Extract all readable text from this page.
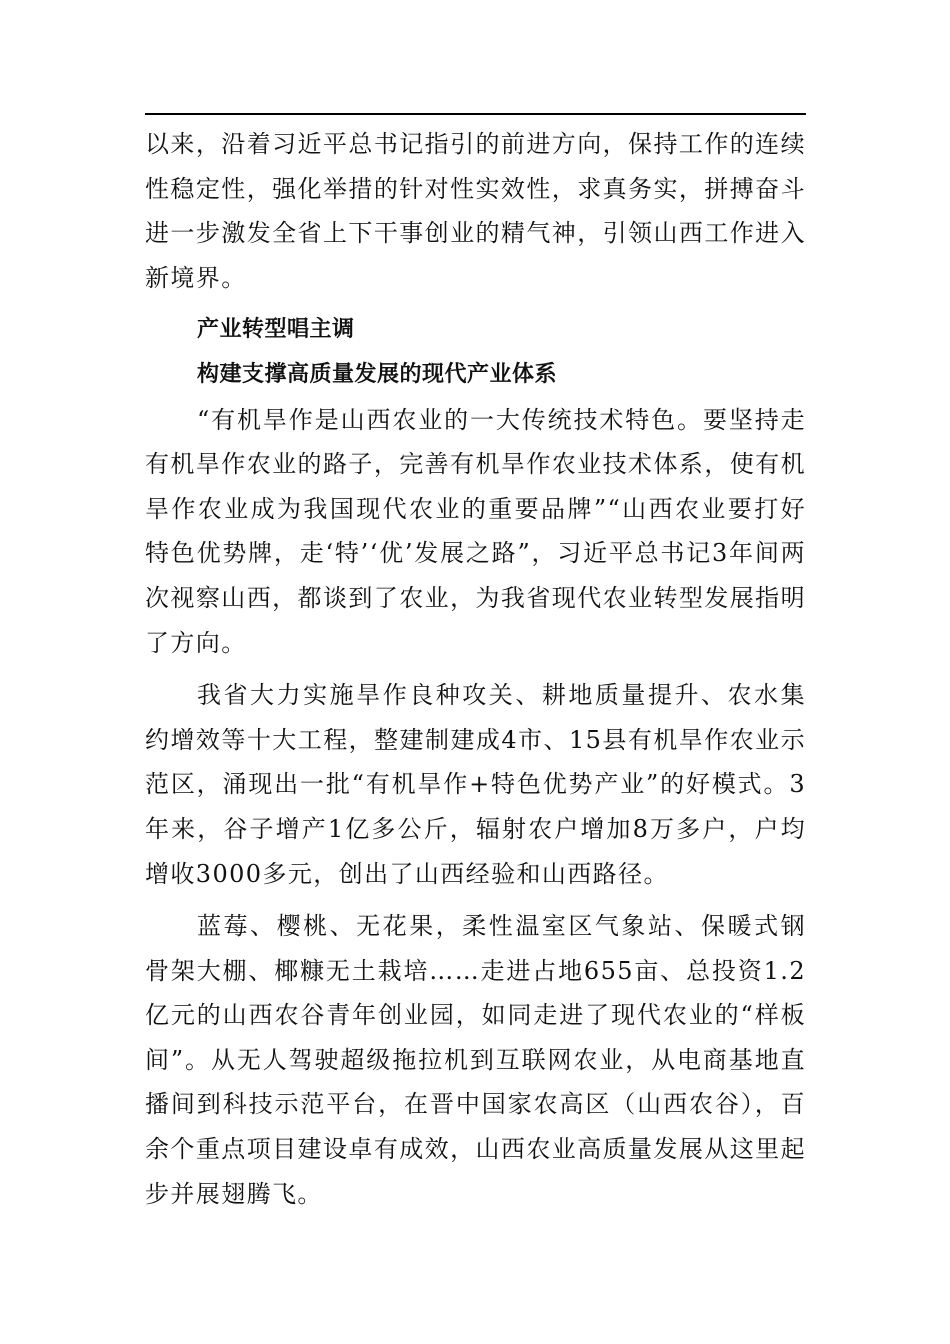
以来，沿着习近平总书记指引的前进方向，保持工作的连续性稳定性，强化举措的针对性实效性，求真务实，拼搏奋斗进一步激发全省上下干事创业的精气神，引领山西工作进入新境界。

产业转型唱主调
构建支撑高质量发展的现代产业体系

“有机旱作是山西农业的一大传统技术特色。要坚持走有机旱作农业的路子，完善有机旱作农业技术体系，使有机旱作农业成为我国现代农业的重要品牌”“山西农业要打好特色优势牌，走‘特’‘优’发展之路”，习近平总书记3年间两次视察山西，都谈到了农业，为我省现代农业转型发展指明了方向。

我省大力实施旱作良种攻关、耕地质量提升、农水集约增效等十大工程，整建制建成4市、15县有机旱作农业示范区，涌现出一批“有机旱作+特色优势产业”的好模式。3年来，谷子增产1亿多公斤，辐射农户增加8万多户，户均增收3000多元，创出了山西经验和山西路径。

蓝莓、樱桃、无花果，柔性温室区气象站、保暖式钢骨架大棚、椰糠无土栽培……走进占地655亩、总投资1.2亿元的山西农谷青年创业园，如同走进了现代农业的“样板间”。从无人驾驶超级拖拉机到互联网农业，从电商基地直播间到科技示范平台，在晋中国家农高区（山西农谷），百余个重点项目建设卓有成效，山西农业高质量发展从这里起步并展翅腾飞。
